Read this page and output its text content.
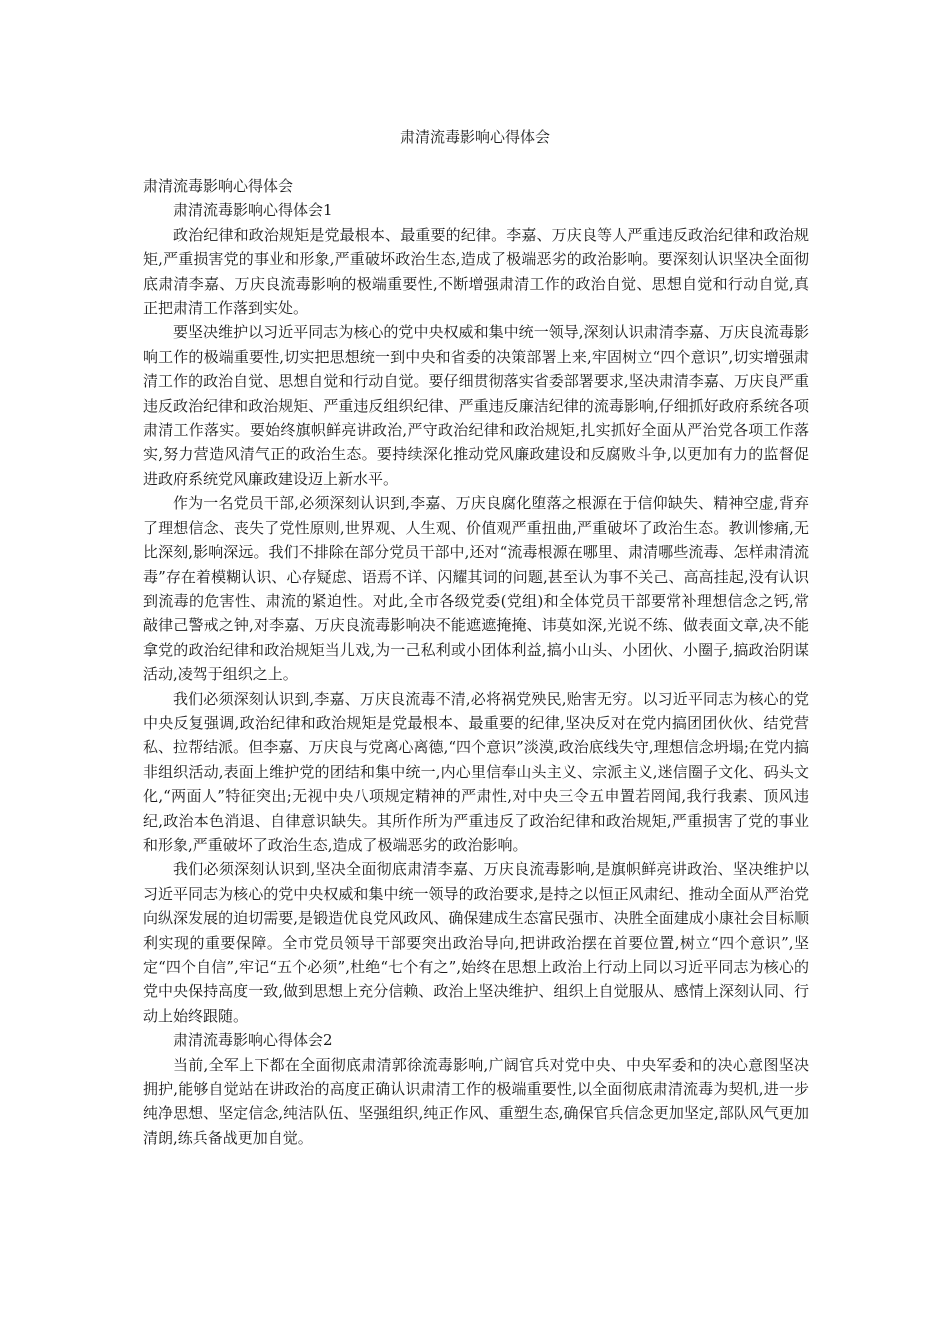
肃清流毒影响心得体会

肃清流毒影响心得体会

肃清流毒影响心得体会1

政治纪律和政治规矩是党最根本、最重要的纪律。李嘉、万庆良等人严重违反政治纪律和政治规矩,严重损害党的事业和形象,严重破坏政治生态,造成了极端恶劣的政治影响。要深刻认识坚决全面彻底肃清李嘉、万庆良流毒影响的极端重要性,不断增强肃清工作的政治自觉、思想自觉和行动自觉,真正把肃清工作落到实处。

要坚决维护以习近平同志为核心的党中央权威和集中统一领导,深刻认识肃清李嘉、万庆良流毒影响工作的极端重要性,切实把思想统一到中央和省委的决策部署上来,牢固树立“四个意识”,切实增强肃清工作的政治自觉、思想自觉和行动自觉。要仔细贯彻落实省委部署要求,坚决肃清李嘉、万庆良严重违反政治纪律和政治规矩、严重违反组织纪律、严重违反廉洁纪律的流毒影响,仔细抓好政府系统各项肃清工作落实。要始终旗帜鲜亮讲政治,严守政治纪律和政治规矩,扎实抓好全面从严治党各项工作落实,努力营造风清气正的政治生态。要持续深化推动党风廉政建设和反腐败斗争,以更加有力的监督促进政府系统党风廉政建设迈上新水平。

作为一名党员干部,必须深刻认识到,李嘉、万庆良腐化堕落之根源在于信仰缺失、精神空虚,背弃了理想信念、丧失了党性原则,世界观、人生观、价值观严重扭曲,严重破坏了政治生态。教训惨痛,无比深刻,影响深远。我们不排除在部分党员干部中,还对“流毒根源在哪里、肃清哪些流毒、怎样肃清流毒”存在着模糊认识、心存疑虑、语焉不详、闪耀其词的问题,甚至认为事不关己、高高挂起,没有认识到流毒的危害性、肃流的紧迫性。对此,全市各级党委(党组)和全体党员干部要常补理想信念之钙,常敲律己警戒之钟,对李嘉、万庆良流毒影响决不能遮遮掩掩、讳莫如深,光说不练、做表面文章,决不能拿党的政治纪律和政治规矩当儿戏,为一己私利或小团体利益,搞小山头、小团伙、小圈子,搞政治阴谋活动,凌驾于组织之上。

我们必须深刻认识到,李嘉、万庆良流毒不清,必将祸党殃民,贻害无穷。以习近平同志为核心的党中央反复强调,政治纪律和政治规矩是党最根本、最重要的纪律,坚决反对在党内搞团团伙伙、结党营私、拉帮结派。但李嘉、万庆良与党离心离德,“四个意识”淡漠,政治底线失守,理想信念坍塌;在党内搞非组织活动,表面上维护党的团结和集中统一,内心里信奉山头主义、宗派主义,迷信圈子文化、码头文化,“两面人”特征突出;无视中央八项规定精神的严肃性,对中央三令五申置若罔闻,我行我素、顶风违纪,政治本色消退、自律意识缺失。其所作所为严重违反了政治纪律和政治规矩,严重损害了党的事业和形象,严重破坏了政治生态,造成了极端恶劣的政治影响。

我们必须深刻认识到,坚决全面彻底肃清李嘉、万庆良流毒影响,是旗帜鲜亮讲政治、坚决维护以习近平同志为核心的党中央权威和集中统一领导的政治要求,是持之以恒正风肃纪、推动全面从严治党向纵深发展的迫切需要,是锻造优良党风政风、确保建成生态富民强市、决胜全面建成小康社会目标顺利实现的重要保障。全市党员领导干部要突出政治导向,把讲政治摆在首要位置,树立“四个意识”,坚定“四个自信”,牢记“五个必须”,杜绝“七个有之”,始终在思想上政治上行动上同以习近平同志为核心的党中央保持高度一致,做到思想上充分信赖、政治上坚决维护、组织上自觉服从、感情上深刻认同、行动上始终跟随。

肃清流毒影响心得体会2

当前,全军上下都在全面彻底肃清郭徐流毒影响,广阔官兵对党中央、中央军委和的决心意图坚决拥护,能够自觉站在讲政治的高度正确认识肃清工作的极端重要性,以全面彻底肃清流毒为契机,进一步纯净思想、坚定信念,纯洁队伍、坚强组织,纯正作风、重塑生态,确保官兵信念更加坚定,部队风气更加清朗,练兵备战更加自觉。
